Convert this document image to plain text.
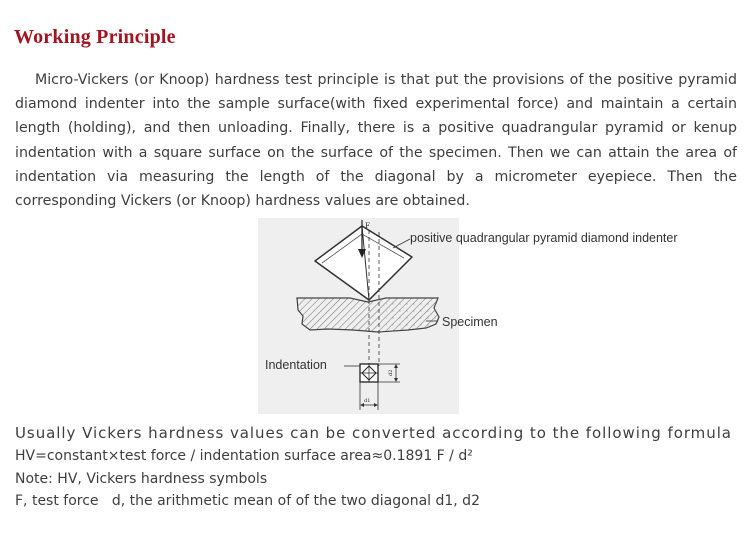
Working Principle

Micro-Vickers (or Knoop) hardness test principle is that put the provisions of the positive pyramid diamond indenter into the sample surface(with fixed experimental force) and maintain a certain length (holding), and then unloading. Finally, there is a positive quadrangular pyramid or kenup indentation with a square surface on the surface of the specimen. Then we can attain the area of indentation via measuring the length of the diagonal by a micrometer eyepiece. Then the corresponding Vickers (or Knoop) hardness values are obtained.

F
d2
d1
positive quadrangular pyramid diamond indenter
Specimen
Indentation
Usually Vickers hardness values can be converted according to the following formula
HV=constant×test force / indentation surface area≈0.1891 F / d²
Note: HV, Vickers hardness symbols
F, test force   d, the arithmetic mean of of the two diagonal d1, d2
